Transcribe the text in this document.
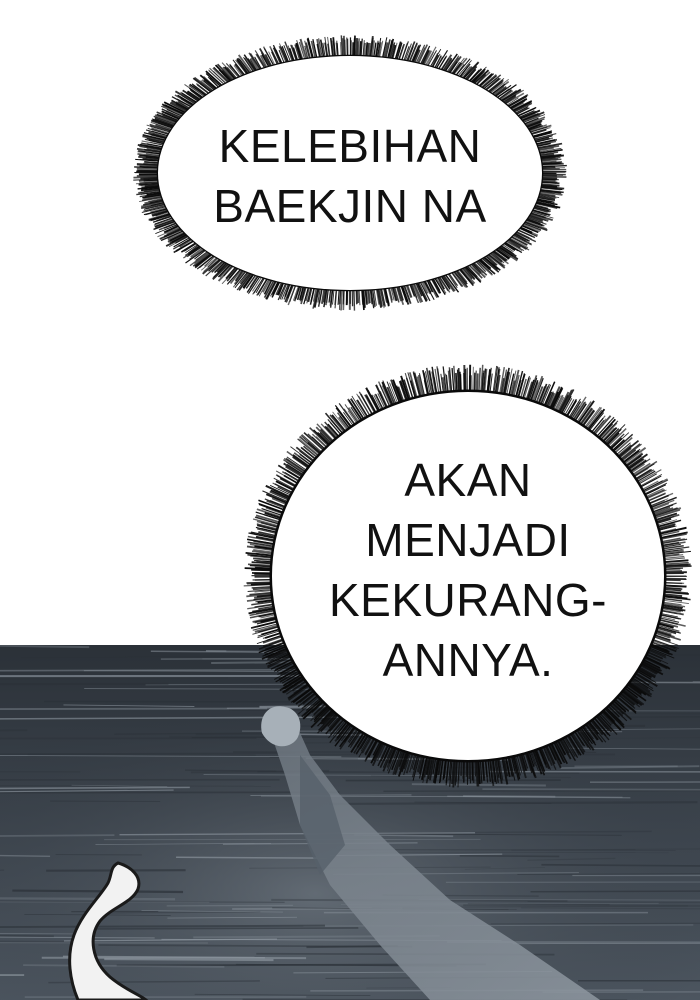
KELEBIHAN
BAEKJIN NA
AKAN
MENJADI
KEKURANG-
ANNYA.
